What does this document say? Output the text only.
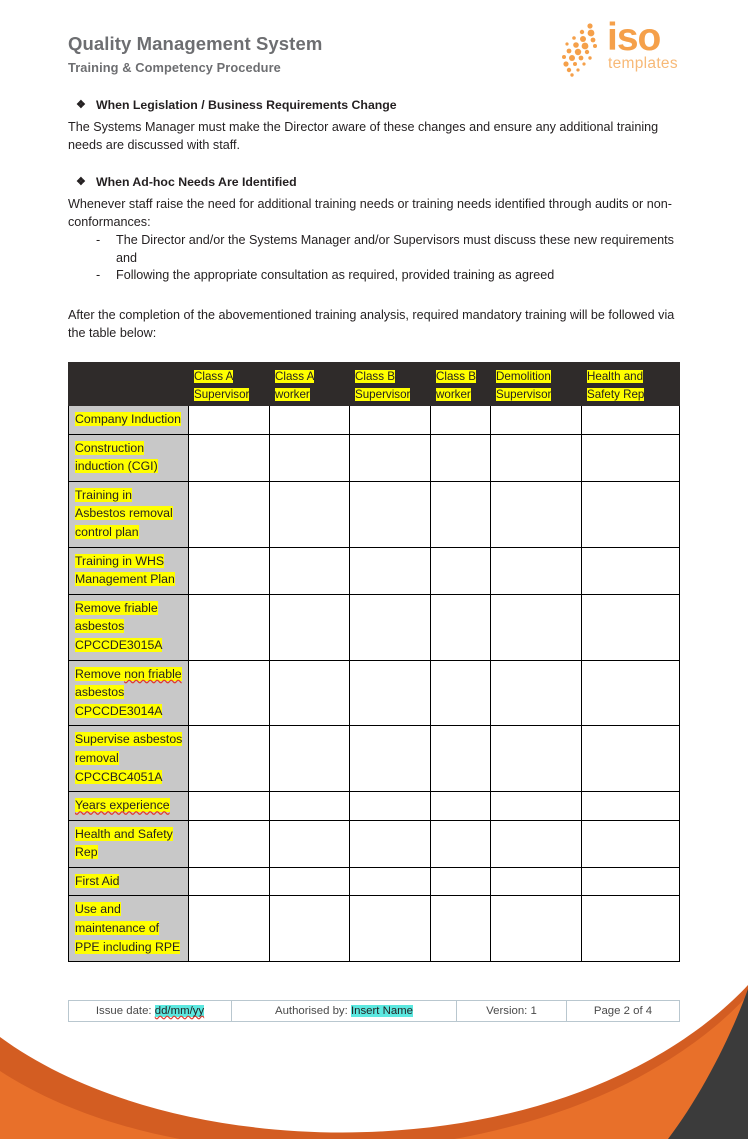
Quality Management System
Training & Competency Procedure
iso
templates
❖ When Legislation / Business Requirements Change
The Systems Manager must make the Director aware of these changes and ensure any additional training needs are discussed with staff.
❖ When Ad-hoc Needs Are Identified
Whenever staff raise the need for additional training needs or training needs identified through audits or non-conformances:
- The Director and/or the Systems Manager and/or Supervisors must discuss these new requirements and
- Following the appropriate consultation as required, provided training as agreed
After the completion of the abovementioned training analysis, required mandatory training will be followed via the table below:
	Class A Supervisor	Class A worker	Class B Supervisor	Class B worker	Demolition Supervisor	Health and Safety Rep
Company Induction						
Construction induction (CGI)						
Training in Asbestos removal control plan						
Training in WHS Management Plan						
Remove friable asbestos CPCCDE3015A						
Remove non friable asbestos CPCCDE3014A						
Supervise asbestos removal CPCCBC4051A						
Years experience						
Health and Safety Rep						
First Aid						
Use and maintenance of PPE including RPE						
Issue date: dd/mm/yy	Authorised by: Insert Name	Version: 1	Page 2 of 4
